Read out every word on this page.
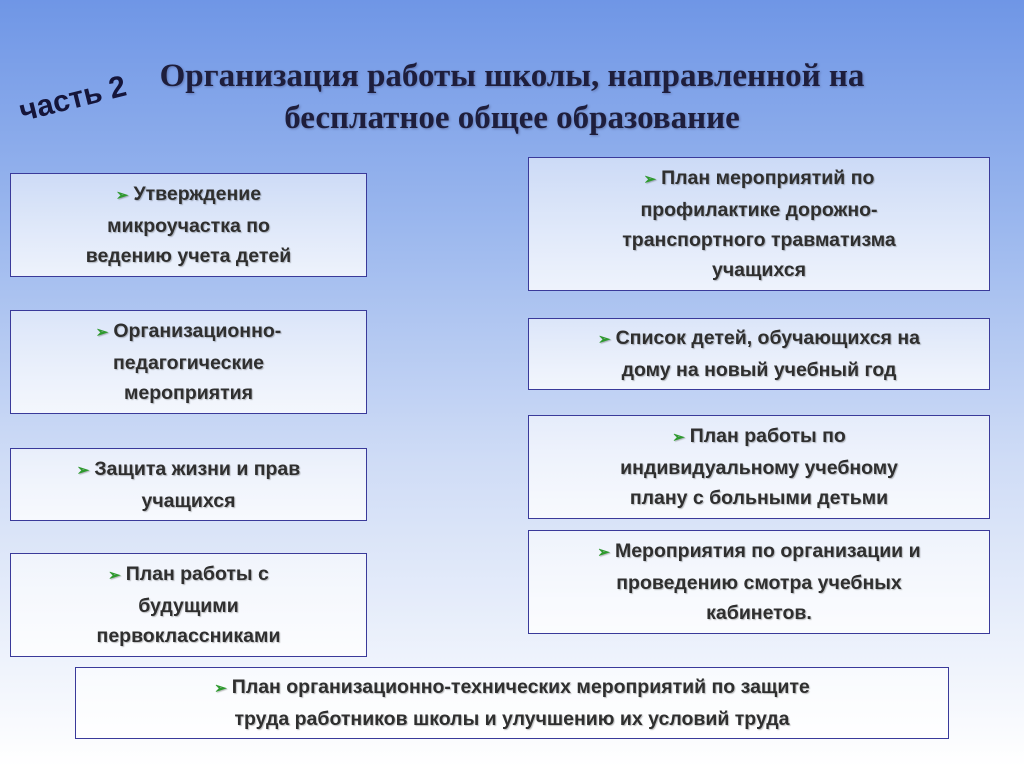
Организация работы школы, направленной на
бесплатное общее образование
часть 2
➢ Утверждение
микроучастка по
ведению учета детей
➢ Организационно-
педагогические
мероприятия
➢ Защита жизни и прав
учащихся
➢ План работы с
будущими
первоклассниками
➢ План мероприятий по
профилактике дорожно-
транспортного травматизма
учащихся
➢ Список детей, обучающихся на
дому на новый учебный год
➢ План работы по
индивидуальному учебному
плану с больными детьми
➢ Мероприятия по организации и
проведению смотра учебных
кабинетов.
➢ План организационно-технических мероприятий по защите
труда работников школы и улучшению их условий труда
